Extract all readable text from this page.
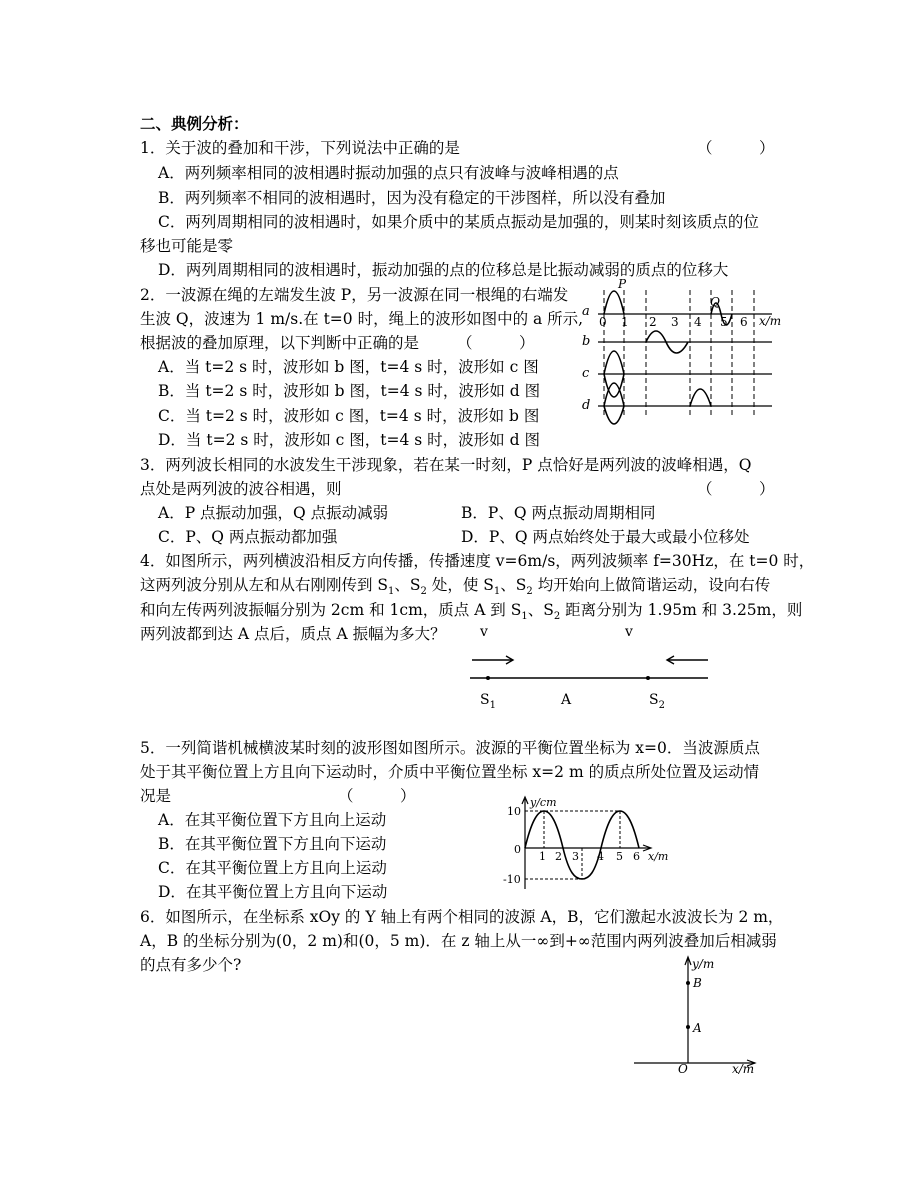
二、典例分析：
1．关于波的叠加和干涉，下列说法中正确的是	（　　　）
A．两列频率相同的波相遇时振动加强的点只有波峰与波峰相遇的点
B．两列频率不相同的波相遇时，因为没有稳定的干涉图样，所以没有叠加
C．两列周期相同的波相遇时，如果介质中的某质点振动是加强的，则某时刻该质点的位
移也可能是零
D．两列周期相同的波相遇时，振动加强的点的位移总是比振动减弱的质点的位移大
2．一波源在绳的左端发生波 P，另一波源在同一根绳的右端发
生波 Q，波速为 1 m/s.在 t=0 时，绳上的波形如图中的 a 所示,
根据波的叠加原理，以下判断中正确的是 （　　　）
A．当 t=2 s 时，波形如 b 图，t=4 s 时，波形如 c 图
B．当 t=2 s 时，波形如 b 图，t=4 s 时，波形如 d 图
C．当 t=2 s 时，波形如 c 图，t=4 s 时，波形如 b 图
D．当 t=2 s 时，波形如 c 图，t=4 s 时，波形如 d 图
a
b
c
d
0 1 2 3 4 5 6 x/m
P
Q
3．两列波长相同的水波发生干涉现象，若在某一时刻，P 点恰好是两列波的波峰相遇，Q
点处是两列波的波谷相遇，则	（　　　）
A．P 点振动加强，Q 点振动减弱	B．P、Q 两点振动周期相同
C．P、Q 两点振动都加强	D．P、Q 两点始终处于最大或最小位移处
4．如图所示，两列横波沿相反方向传播，传播速度 v=6m/s，两列波频率 f=30Hz，在 t=0 时，
这两列波分别从左和从右刚刚传到 $S_1$、$S_2$ 处，使 $S_1$、$S_2$ 均开始向上做简谐运动，设向右传
和向左传两列波振幅分别为 2cm 和 1cm，质点 A 到 $S_1$、$S_2$ 距离分别为 1.95m 和 3.25m，则
两列波都到达 A 点后，质点 A 振幅为多大？ v	v
$S_1$	A	$S_2$
5．一列简谐机械横波某时刻的波形图如图所示。波源的平衡位置坐标为 x=0．当波源质点
处于其平衡位置上方且向下运动时，介质中平衡位置坐标 x=2 m 的质点所处位置及运动情
况是	（　　　）
A．在其平衡位置下方且向上运动
B．在其平衡位置下方且向下运动
C．在其平衡位置上方且向上运动
D．在其平衡位置上方且向下运动
y/cm
10
0
-10
1 2 3 4 5 6 x/m
6．如图所示，在坐标系 xOy 的 Y 轴上有两个相同的波源 A，B，它们激起水波波长为 2 m，
A，B 的坐标分别为(0，2 m)和(0，5 m)．在 z 轴上从一∞到+∞范围内两列波叠加后相减弱
的点有多少个?	y/m
B
A
O	x/m
